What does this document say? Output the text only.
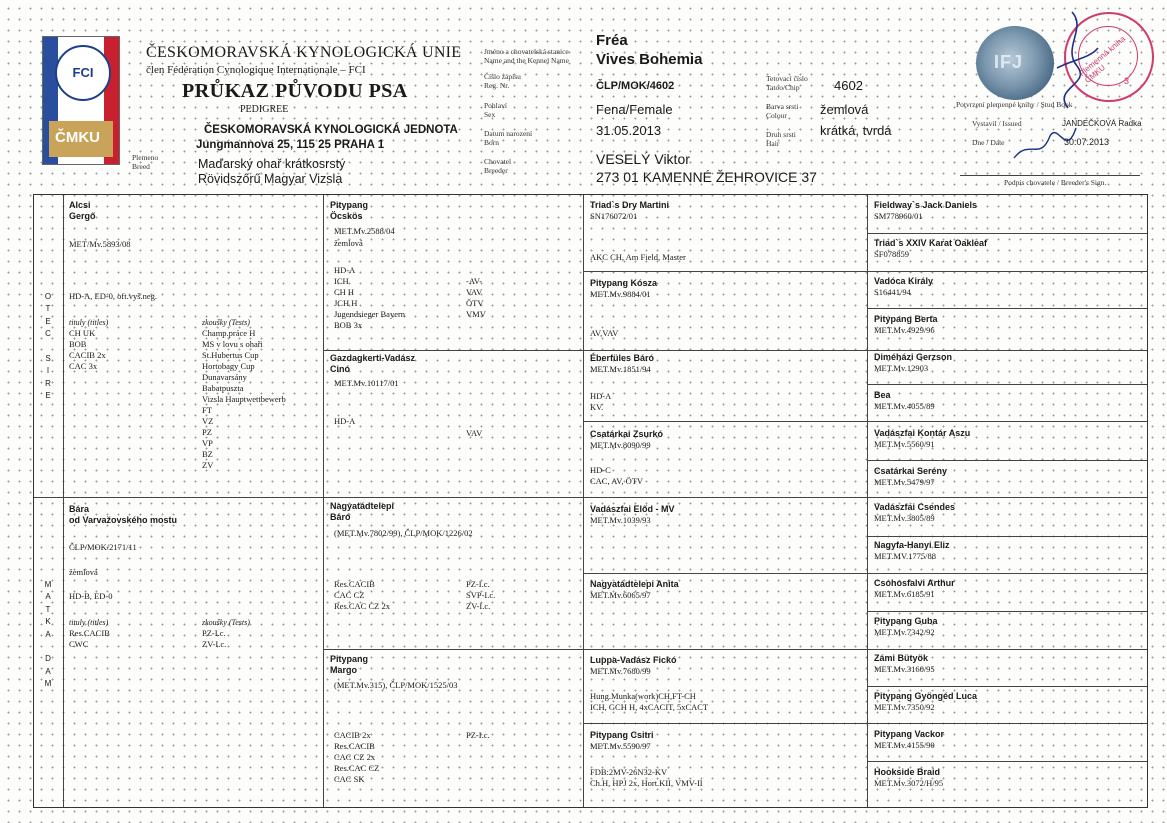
FCI
ČMKU
ČESKOMORAVSKÁ KYNOLOGICKÁ UNIE
člen Fédération Cynologique Internationale – FCI
PRŮKAZ PŮVODU PSA
PEDIGREE
ČESKOMORAVSKÁ KYNOLOGICKÁ JEDNOTA
Jungmannova 25, 115 25 PRAHA 1
Plemeno
Breed	Maďarský ohař krátkosrstý
Rövidszőrű Magyar Vizsla
Jméno a chovatelská stanice
Name and the Kennel Name
Číslo zápisu
Reg. Nr.
Pohlaví
Sex
Datum narození
Born
Chovatel
Breeder
Fréa
Vives Bohemia
ČLP/MOK/4602
Fena/Female
31.05.2013
VESELÝ Viktor
273 01 KAMENNÉ ŽEHROVICE 37
Tetovací číslo
Tatoo/Chip
Barva srsti
Colour
Druh srsti
Hair
4602
žemlová
krátká, tvrdá
IFJ	Plemenná kniha ČMKU	3
Potvrzení plemenné knihy / Stud Book
Vystavil / Issued	JANDEČKOVÁ Radka
Dne / Date	30.07.2013
Podpis chovatele / Breeder's Sign.
O
T
E
C

S
I
R
E
M
A
T
K
A

D
A
M
Alcsi
Gergő
MET/Mv.5893/08
HD-A, ED-0, oft.vyš.neg.
tituly (titles)	zkoušky (Tests)
CH UK
BOB
CACIB 2x
CAC 3x
Champ.práce H
MS v lovu s ohaři
St.Hubertus Cup
Hortobagy Cup
Dunavarsány
Babatpuszta
Vizsla Hauptwettbewerb
FT
VZ
PZ
VP
BZ
ZV
Bára
od Varvažovského mostu
ČLP/MOK/2171/11
žemlová
HD-B, ED-0
tituly (titles)	zkoušky (Tests)
Res.CACIB
CWC
PZ-I.c.
ZV-I.c.
Pitypang
Öcskös
MET.Mv.2588/04
žemlová
HD-A
ICH
CH H
JCH H
Jugendsieger Bayern
BOB 3x

-AV-
VAV
ÖTV
VMV
Gazdagkerti-Vadász
Cinó
MET.Mv.10117/01
HD-A
VAV
Nagyatádtelepi
Báró
(MET.Mv.7802/99), ČLP/MOK/1226/02
Res.CACIB
CAC CZ
Res.CAC CZ 2x
PZ-I.c.
SVP-I.c.
ZV-I.c.
Pitypang
Margo
(MET.Mv.315), ČLP/MOK/1525/03
CACIB 2x
Res.CACIB
CAC CZ 2x
Res.CAC CZ
CAC SK
PZ-I.c.
Triad`s Dry Martini
SN176072/01
AKC CH, Am Field, Master
Pitypang Kósza
MET.Mv.9884/01
AV,VAV
Éberfüles Báró
MET.Mv.1851/94
HD-A
KV.
Csatárkai Zsurkó
MET.Mv.8090/99
HD-C
CAC, AV, ÖTV
Vadászfai Előd - MV
MET.Mv.1039/93
Nagyatádtelepi Anita
MET.Mv.6065/97
Luppa-Vadász Fickó
MET.Mv.7680/99
Hung.Munka(work)CH,FT-CH
ICH, GCH H, 4xCACIT, 5xCACT
Pitypang Csitri
MET.Mv.5590/97
FDB:2MV-26N32-KV
Ch.H, HPJ 2x, Hort.KII, VMV-II
Fieldway`s Jack Daniels
SM778960/01
Triad`s XXIV Karat Oakleaf
SF078859
Vadóca Király
S16441/94
Pitypang Berta
MET.Mv.4929/96
Diméházi Gerzson
MET.Mv.12903
Bea
MET.Mv.4055/89
Vadászfai Kontár Aszu
MET.Mv.5560/91
Csatárkai Serény
MET.Mv.5479/97
Vadászfai Csendes
MET.Mv.3805/89
Nagyfa-Hanyi Eliz
MET.MV.1775/88
Csohosfalvi Arthur
MET.Mv.6185/91
Pitypang Guba
MET.Mv.7342/92
Zámi Bütyök
MET.Mv.3160/95
Pitypang Gyöngéd Luca
MET.Mv.7350/92
Pitypang Vackor
MET.Mv.4155/90
Hookside Braid
MET.Mv.3072/H/95
